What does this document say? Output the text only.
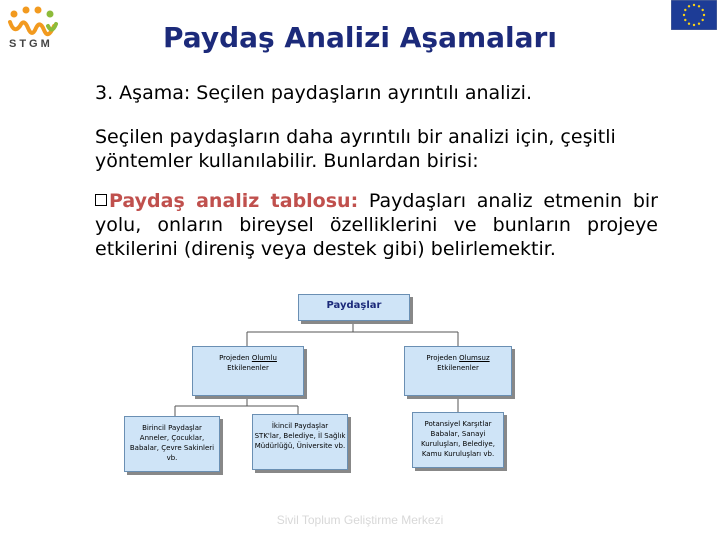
STGM	Paydaş Analizi Aşamaları
3. Aşama: Seçilen paydaşların ayrıntılı analizi.
Seçilen paydaşların daha ayrıntılı bir analizi için, çeşitli yöntemler kullanılabilir. Bunlardan birisi:
Paydaş analiz tablosu: Paydaşları analiz etmenin bir yolu, onların bireysel özelliklerini ve bunların projeye etkilerini (direniş veya destek gibi) belirlemektir.
Paydaşlar
Projeden Olumlu
Etkilenenler
Projeden Olumsuz
Etkilenenler
Birincil Paydaşlar
Anneler, Çocuklar, Babalar, Çevre Sakinleri vb.
İkincil Paydaşlar
STK'lar, Belediye, İl Sağlık Müdürlüğü, Üniversite vb.
Potansiyel Karşıtlar
Babalar, Sanayi Kuruluşları, Belediye, Kamu Kuruluşları vb.
Sivil Toplum Geliştirme Merkezi
